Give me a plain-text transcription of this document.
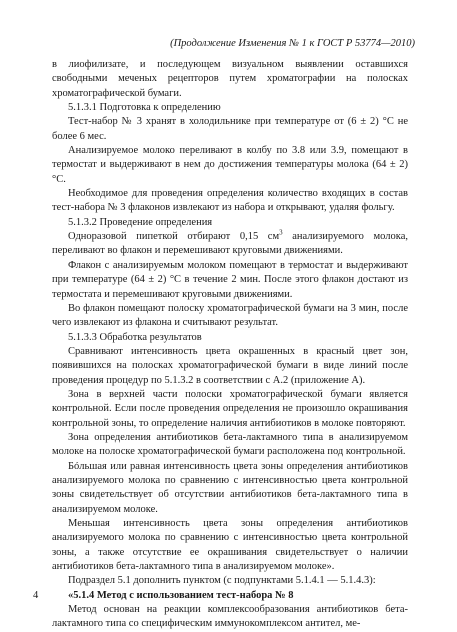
(Продолжение Изменения № 1 к ГОСТ Р 53774—2010)

в лиофилизате, и последующем визуальном выявлении оставшихся свободными меченых рецепторов путем хроматографии на полосках хроматографической бумаги.

5.1.3.1 Подготовка к определению

Тест-набор № 3 хранят в холодильнике при температуре от (6 ± 2) °С не более 6 мес.

Анализируемое молоко переливают в колбу по 3.8 или 3.9, помещают в термостат и выдерживают в нем до достижения температуры молока (64 ± 2) °С.

Необходимое для проведения определения количество входящих в состав тест-набора № 3 флаконов извлекают из набора и открывают, удаляя фольгу.

5.1.3.2 Проведение определения

Одноразовой пипеткой отбирают 0,15 $см^3$ анализируемого молока, переливают во флакон и перемешивают круговыми движениями.

Флакон с анализируемым молоком помещают в термостат и выдерживают при температуре (64 ± 2) °С в течение 2 мин. После этого флакон достают из термостата и перемешивают круговыми движениями.

Во флакон помещают полоску хроматографической бумаги на 3 мин, после чего извлекают из флакона и считывают результат.

5.1.3.3 Обработка результатов

Сравнивают интенсивность цвета окрашенных в красный цвет зон, появившихся на полосках хроматографической бумаги в виде линий после проведения процедур по 5.1.3.2 в соответствии с А.2 (приложение А).

Зона в верхней части полоски хроматографической бумаги является контрольной. Если после проведения определения не произошло окрашивания контрольной зоны, то определение наличия антибиотиков в молоке повторяют.

Зона определения антибиотиков бета-лактамного типа в анализируемом молоке на полоске хроматографической бумаги расположена под контрольной.

Бóльшая или равная интенсивность цвета зоны определения антибиотиков анализируемого молока по сравнению с интенсивностью цвета контрольной зоны свидетельствует об отсутствии антибиотиков бета-лактамного типа в анализируемом молоке.

Меньшая интенсивность цвета зоны определения антибиотиков анализируемого молока по сравнению с интенсивностью цвета контрольной зоны, а также отсутствие ее окрашивания свидетельствует о наличии антибиотиков бета-лактамного типа в анализируемом молоке».

Подраздел 5.1 дополнить пунктом (с подпунктами 5.1.4.1 — 5.1.4.3):

«5.1.4 Метод с использованием тест-набора № 8

Метод основан на реакции комплексообразования антибиотиков бета-лактамного типа со специфическим иммунокомплексом антител, ме-

4
